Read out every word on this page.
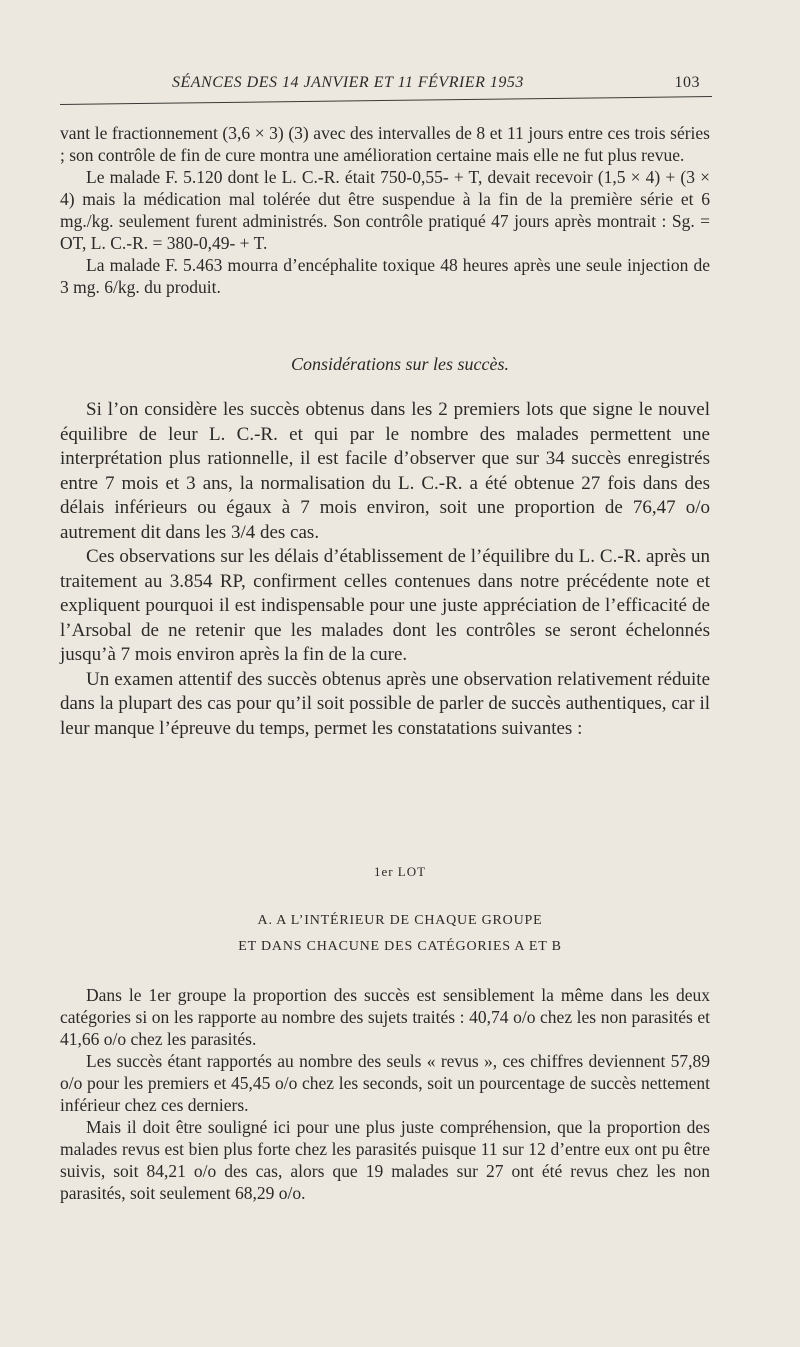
SÉANCES DES 14 JANVIER ET 11 FÉVRIER 1953	103

vant le fractionnement (3,6 × 3) (3) avec des intervalles de 8 et 11 jours entre ces trois séries ; son contrôle de fin de cure montra une amélioration certaine mais elle ne fut plus revue.

Le malade F. 5.120 dont le L. C.-R. était 750-0,55- + T, devait recevoir (1,5 × 4) + (3 × 4) mais la médication mal tolérée dut être suspendue à la fin de la première série et 6 mg./kg. seulement furent administrés. Son contrôle pratiqué 47 jours après montrait : Sg. = OT, L. C.-R. = 380-0,49- + T.

La malade F. 5.463 mourra d’encéphalite toxique 48 heures après une seule injection de 3 mg. 6/kg. du produit.

Considérations sur les succès.

Si l’on considère les succès obtenus dans les 2 premiers lots que signe le nouvel équilibre de leur L. C.-R. et qui par le nombre des malades permettent une interprétation plus rationnelle, il est facile d’observer que sur 34 succès enregistrés entre 7 mois et 3 ans, la normalisation du L. C.-R. a été obtenue 27 fois dans des délais inférieurs ou égaux à 7 mois environ, soit une proportion de 76,47 o/o autrement dit dans les 3/4 des cas.

Ces observations sur les délais d’établissement de l’équilibre du L. C.-R. après un traitement au 3.854 RP, confirment celles contenues dans notre précédente note et expliquent pourquoi il est indispensable pour une juste appréciation de l’efficacité de l’Arsobal de ne retenir que les malades dont les contrôles se seront échelonnés jusqu’à 7 mois environ après la fin de la cure.

Un examen attentif des succès obtenus après une observation relativement réduite dans la plupart des cas pour qu’il soit possible de parler de succès authentiques, car il leur manque l’épreuve du temps, permet les constatations suivantes :

1er LOT
A. A L’INTÉRIEUR DE CHAQUE GROUPE
ET DANS CHACUNE DES CATÉGORIES A ET B

Dans le 1er groupe la proportion des succès est sensiblement la même dans les deux catégories si on les rapporte au nombre des sujets traités : 40,74 o/o chez les non parasités et 41,66 o/o chez les parasités.

Les succès étant rapportés au nombre des seuls « revus », ces chiffres deviennent 57,89 o/o pour les premiers et 45,45 o/o chez les seconds, soit un pourcentage de succès nettement inférieur chez ces derniers.

Mais il doit être souligné ici pour une plus juste compréhension, que la proportion des malades revus est bien plus forte chez les parasités puisque 11 sur 12 d’entre eux ont pu être suivis, soit 84,21 o/o des cas, alors que 19 malades sur 27 ont été revus chez les non parasités, soit seulement 68,29 o/o.
